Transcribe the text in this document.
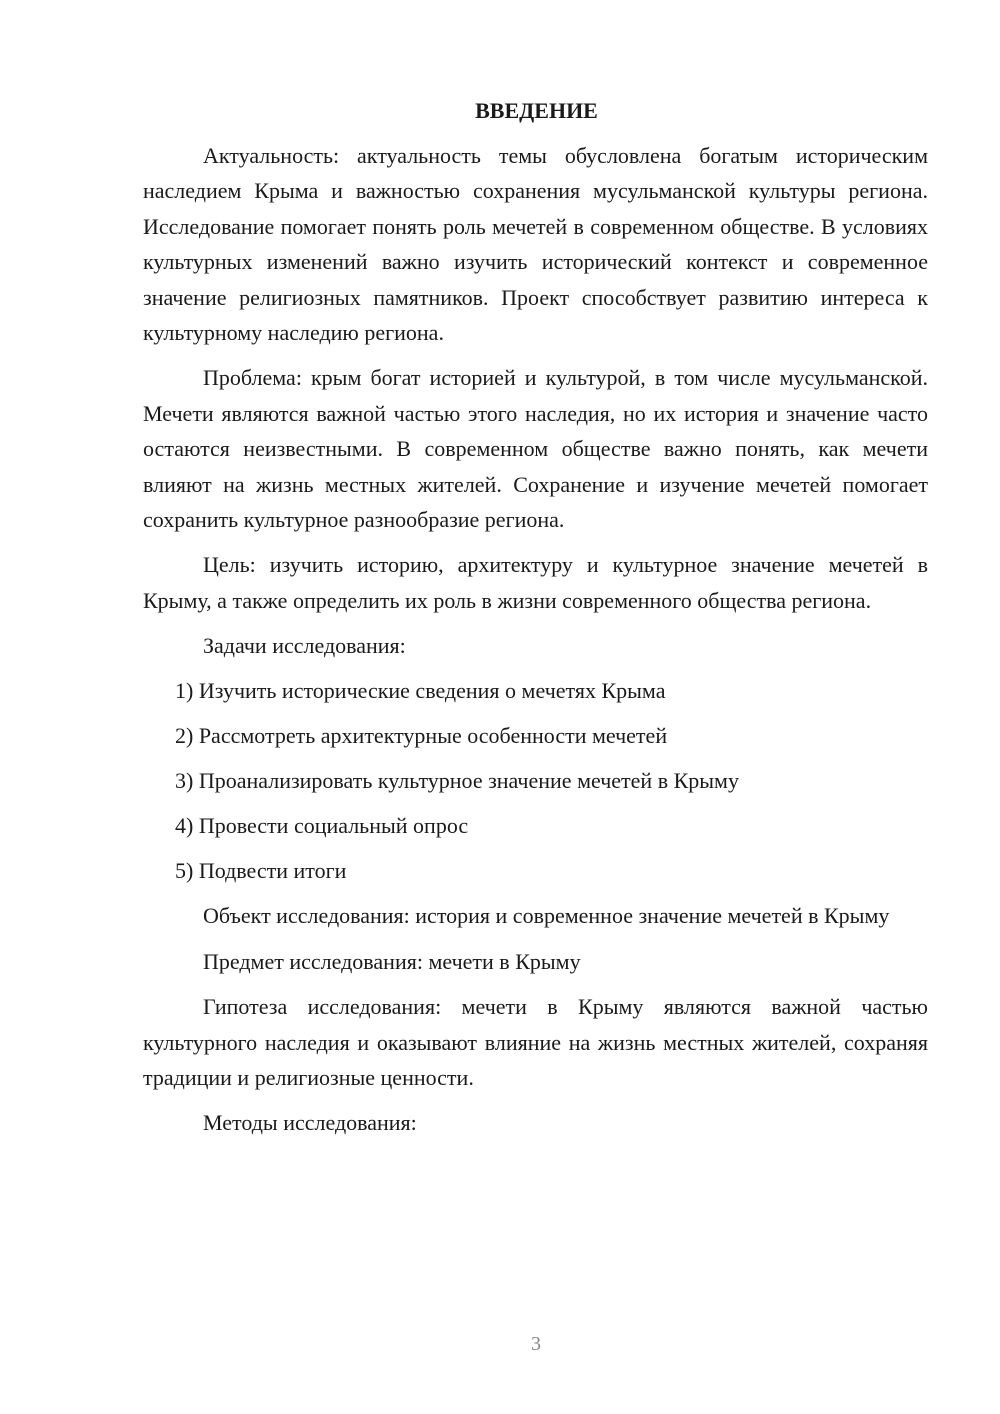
ВВЕДЕНИЕ

Актуальность: актуальность темы обусловлена богатым историческим наследием Крыма и важностью сохранения мусульманской культуры региона. Исследование помогает понять роль мечетей в современном обществе. В условиях культурных изменений важно изучить исторический контекст и современное значение религиозных памятников. Проект способствует развитию интереса к культурному наследию региона.

Проблема: крым богат историей и культурой, в том числе мусульманской. Мечети являются важной частью этого наследия, но их история и значение часто остаются неизвестными. В современном обществе важно понять, как мечети влияют на жизнь местных жителей. Сохранение и изучение мечетей помогает сохранить культурное разнообразие региона.

Цель: изучить историю, архитектуру и культурное значение мечетей в Крыму, а также определить их роль в жизни современного общества региона.

Задачи исследования:

1) Изучить исторические сведения о мечетях Крыма
2) Рассмотреть архитектурные особенности мечетей
3) Проанализировать культурное значение мечетей в Крыму
4) Провести социальный опрос
5) Подвести итоги

Объект исследования: история и современное значение мечетей в Крыму

Предмет исследования: мечети в Крыму

Гипотеза исследования: мечети в Крыму являются важной частью культурного наследия и оказывают влияние на жизнь местных жителей, сохраняя традиции и религиозные ценности.

Методы исследования:

3
